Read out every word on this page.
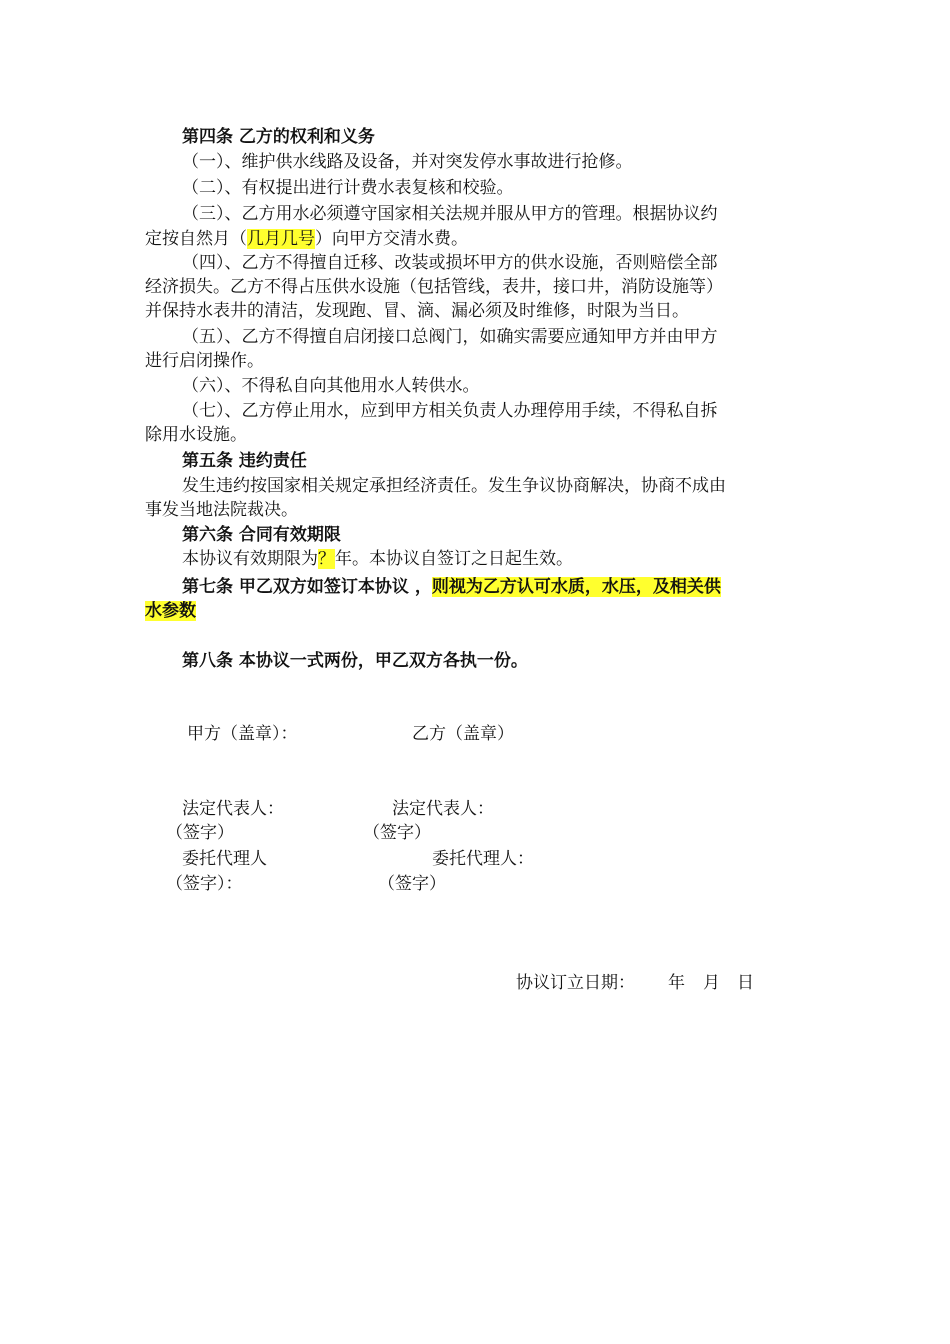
第四条 乙方的权利和义务
（一）、维护供水线路及设备，并对突发停水事故进行抢修。
（二）、有权提出进行计费水表复核和校验。
（三）、乙方用水必须遵守国家相关法规并服从甲方的管理。根据协议约
定按自然月（几月几号）向甲方交清水费。
（四）、乙方不得擅自迁移、改装或损坏甲方的供水设施，否则赔偿全部
经济损失。乙方不得占压供水设施（包括管线，表井，接口井，消防设施等）
并保持水表井的清洁，发现跑、冒、滴、漏必须及时维修，时限为当日。
（五）、乙方不得擅自启闭接口总阀门，如确实需要应通知甲方并由甲方
进行启闭操作。
（六）、不得私自向其他用水人转供水。
（七）、乙方停止用水，应到甲方相关负责人办理停用手续，不得私自拆
除用水设施。
第五条 违约责任
发生违约按国家相关规定承担经济责任。发生争议协商解决，协商不成由
事发当地法院裁决。
第六条 合同有效期限
本协议有效期限为？年。本协议自签订之日起生效。
第七条 甲乙双方如签订本协议 ，则视为乙方认可水质，水压，及相关供
水参数
第八条 本协议一式两份，甲乙双方各执一份。
甲方（盖章）：	乙方（盖章）
法定代表人：	法定代表人：
（签字）	（签字）
委托代理人	委托代理人：
（签字）：	（签字）
协议订立日期： 年 月 日
